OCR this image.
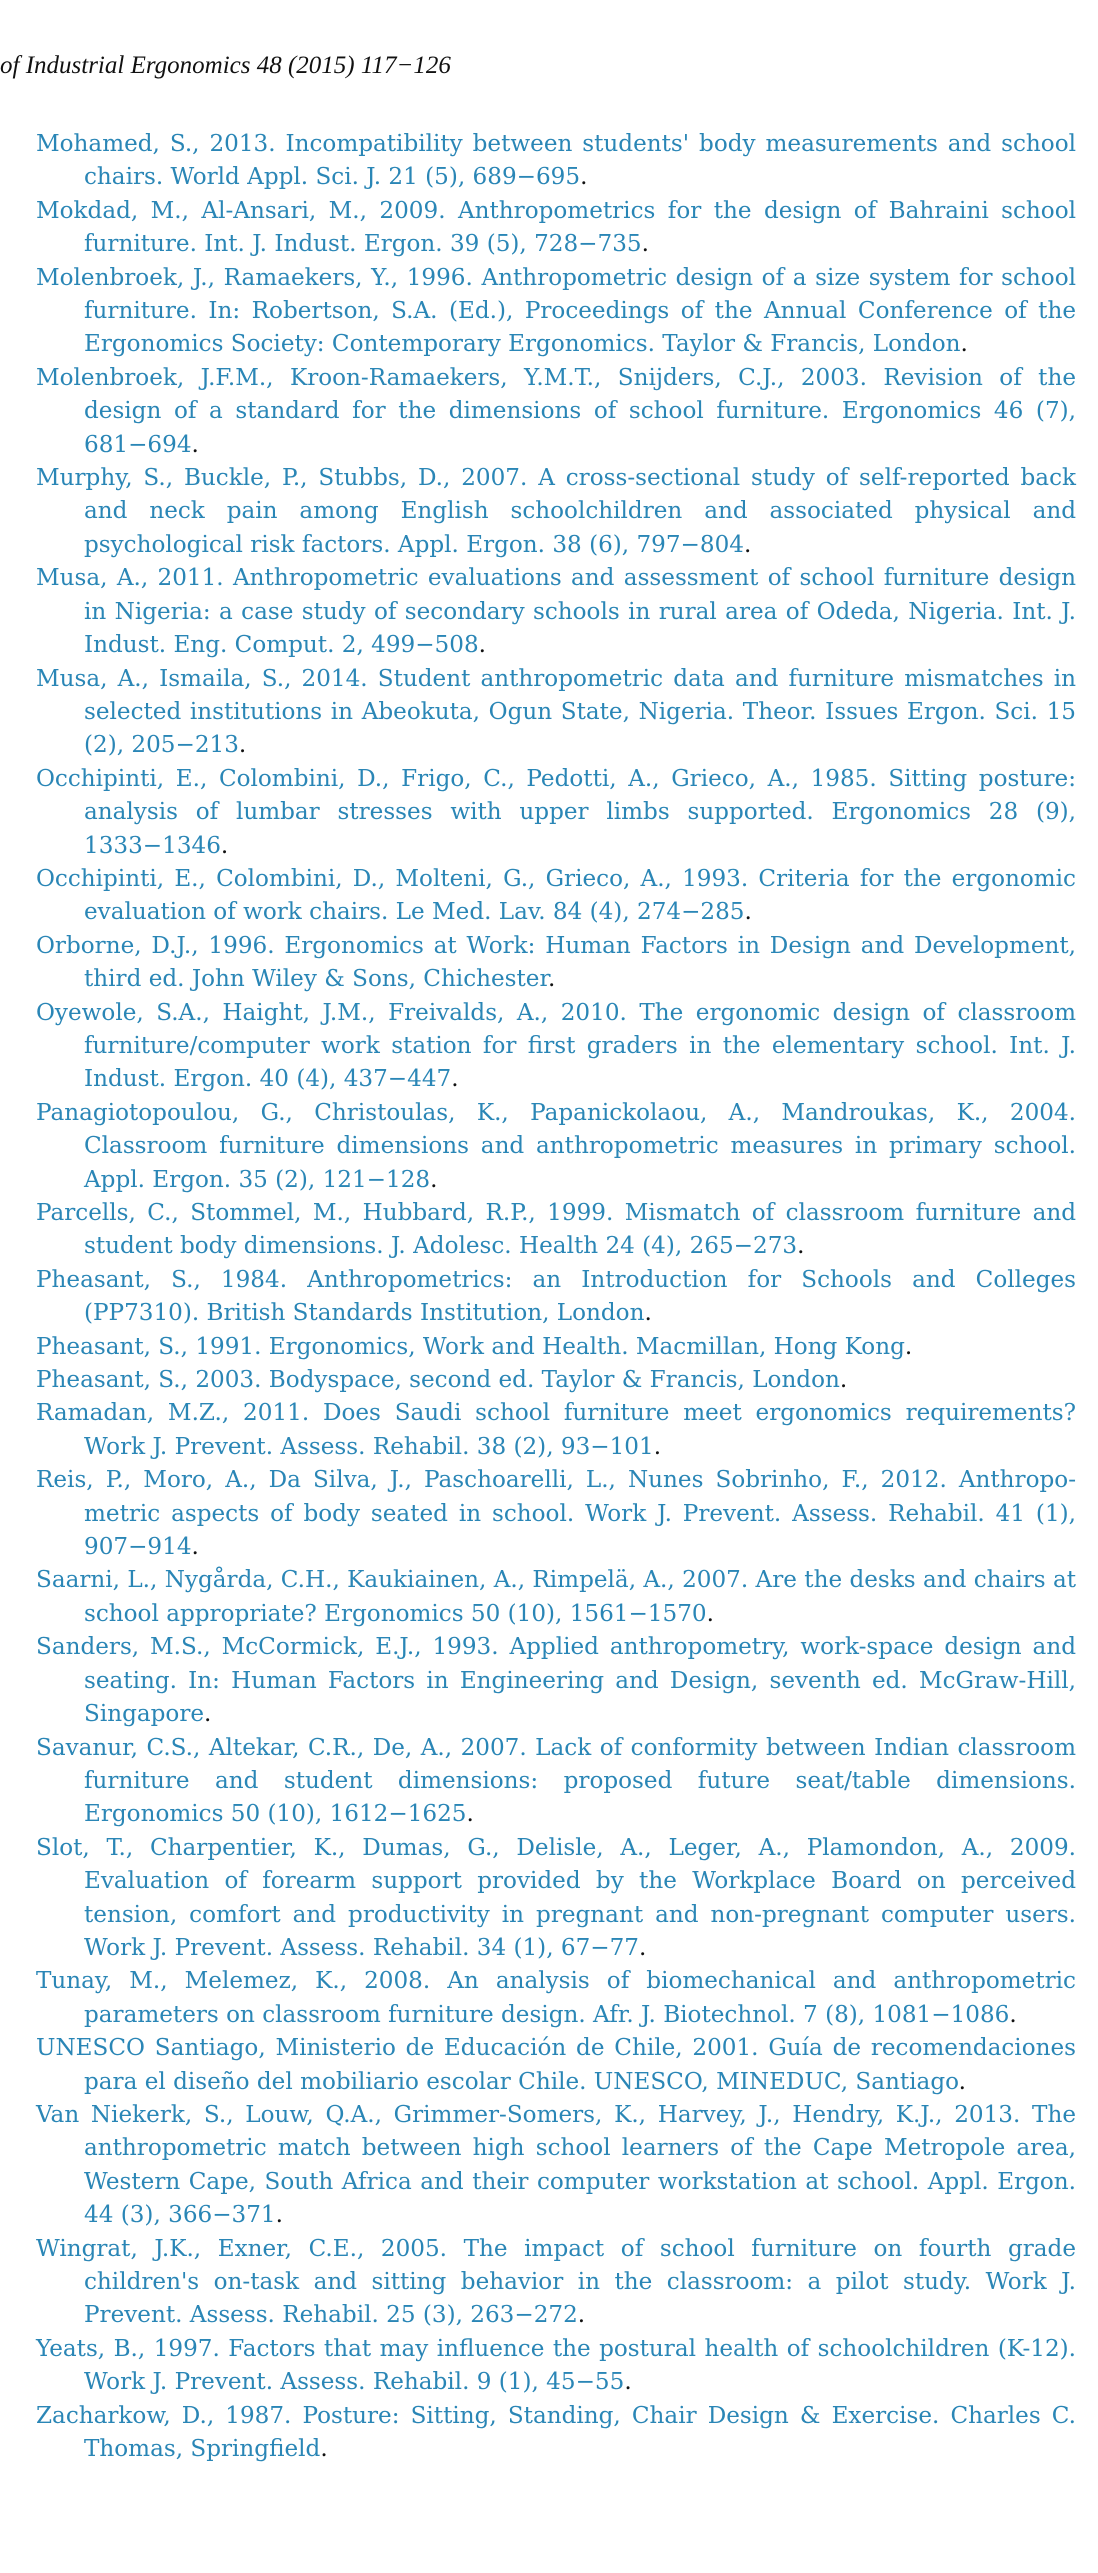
of Industrial Ergonomics 48 (2015) 117−126
Mohamed, S., 2013. Incompatibility between students' body measurements and school chairs. World Appl. Sci. J. 21 (5), 689−695.
Mokdad, M., Al-Ansari, M., 2009. Anthropometrics for the design of Bahraini school furniture. Int. J. Indust. Ergon. 39 (5), 728−735.
Molenbroek, J., Ramaekers, Y., 1996. Anthropometric design of a size system for school furniture. In: Robertson, S.A. (Ed.), Proceedings of the Annual Conference of the Ergonomics Society: Contemporary Ergonomics. Taylor & Francis, London.
Molenbroek, J.F.M., Kroon-Ramaekers, Y.M.T., Snijders, C.J., 2003. Revision of the design of a standard for the dimensions of school furniture. Ergonomics 46 (7), 681−694.
Murphy, S., Buckle, P., Stubbs, D., 2007. A cross-sectional study of self-reported back and neck pain among English schoolchildren and associated physical and psychological risk factors. Appl. Ergon. 38 (6), 797−804.
Musa, A., 2011. Anthropometric evaluations and assessment of school furniture design in Nigeria: a case study of secondary schools in rural area of Odeda, Nigeria. Int. J. Indust. Eng. Comput. 2, 499−508.
Musa, A., Ismaila, S., 2014. Student anthropometric data and furniture mismatches in selected institutions in Abeokuta, Ogun State, Nigeria. Theor. Issues Ergon. Sci. 15 (2), 205−213.
Occhipinti, E., Colombini, D., Frigo, C., Pedotti, A., Grieco, A., 1985. Sitting posture: analysis of lumbar stresses with upper limbs supported. Ergonomics 28 (9), 1333−1346.
Occhipinti, E., Colombini, D., Molteni, G., Grieco, A., 1993. Criteria for the ergonomic evaluation of work chairs. Le Med. Lav. 84 (4), 274−285.
Orborne, D.J., 1996. Ergonomics at Work: Human Factors in Design and Development, third ed. John Wiley & Sons, Chichester.
Oyewole, S.A., Haight, J.M., Freivalds, A., 2010. The ergonomic design of classroom furniture/computer work station for first graders in the elementary school. Int. J. Indust. Ergon. 40 (4), 437−447.
Panagiotopoulou, G., Christoulas, K., Papanickolaou, A., Mandroukas, K., 2004. Classroom furniture dimensions and anthropometric measures in primary school. Appl. Ergon. 35 (2), 121−128.
Parcells, C., Stommel, M., Hubbard, R.P., 1999. Mismatch of classroom furniture and student body dimensions. J. Adolesc. Health 24 (4), 265−273.
Pheasant, S., 1984. Anthropometrics: an Introduction for Schools and Colleges (PP7310). British Standards Institution, London.
Pheasant, S., 1991. Ergonomics, Work and Health. Macmillan, Hong Kong.
Pheasant, S., 2003. Bodyspace, second ed. Taylor & Francis, London.
Ramadan, M.Z., 2011. Does Saudi school furniture meet ergonomics requirements? Work J. Prevent. Assess. Rehabil. 38 (2), 93−101.
Reis, P., Moro, A., Da Silva, J., Paschoarelli, L., Nunes Sobrinho, F., 2012. Anthropometric aspects of body seated in school. Work J. Prevent. Assess. Rehabil. 41 (1), 907−914.
Saarni, L., Nygårda, C.H., Kaukiainen, A., Rimpelä, A., 2007. Are the desks and chairs at school appropriate? Ergonomics 50 (10), 1561−1570.
Sanders, M.S., McCormick, E.J., 1993. Applied anthropometry, work-space design and seating. In: Human Factors in Engineering and Design, seventh ed. McGraw-Hill, Singapore.
Savanur, C.S., Altekar, C.R., De, A., 2007. Lack of conformity between Indian classroom furniture and student dimensions: proposed future seat/table dimensions. Ergonomics 50 (10), 1612−1625.
Slot, T., Charpentier, K., Dumas, G., Delisle, A., Leger, A., Plamondon, A., 2009. Evaluation of forearm support provided by the Workplace Board on perceived tension, comfort and productivity in pregnant and non-pregnant computer users. Work J. Prevent. Assess. Rehabil. 34 (1), 67−77.
Tunay, M., Melemez, K., 2008. An analysis of biomechanical and anthropometric parameters on classroom furniture design. Afr. J. Biotechnol. 7 (8), 1081−1086.
UNESCO Santiago, Ministerio de Educación de Chile, 2001. Guía de recomendaciones para el diseño del mobiliario escolar Chile. UNESCO, MINEDUC, Santiago.
Van Niekerk, S., Louw, Q.A., Grimmer-Somers, K., Harvey, J., Hendry, K.J., 2013. The anthropometric match between high school learners of the Cape Metropole area, Western Cape, South Africa and their computer workstation at school. Appl. Ergon. 44 (3), 366−371.
Wingrat, J.K., Exner, C.E., 2005. The impact of school furniture on fourth grade children's on-task and sitting behavior in the classroom: a pilot study. Work J. Prevent. Assess. Rehabil. 25 (3), 263−272.
Yeats, B., 1997. Factors that may influence the postural health of schoolchildren (K-12). Work J. Prevent. Assess. Rehabil. 9 (1), 45−55.
Zacharkow, D., 1987. Posture: Sitting, Standing, Chair Design & Exercise. Charles C. Thomas, Springfield.
